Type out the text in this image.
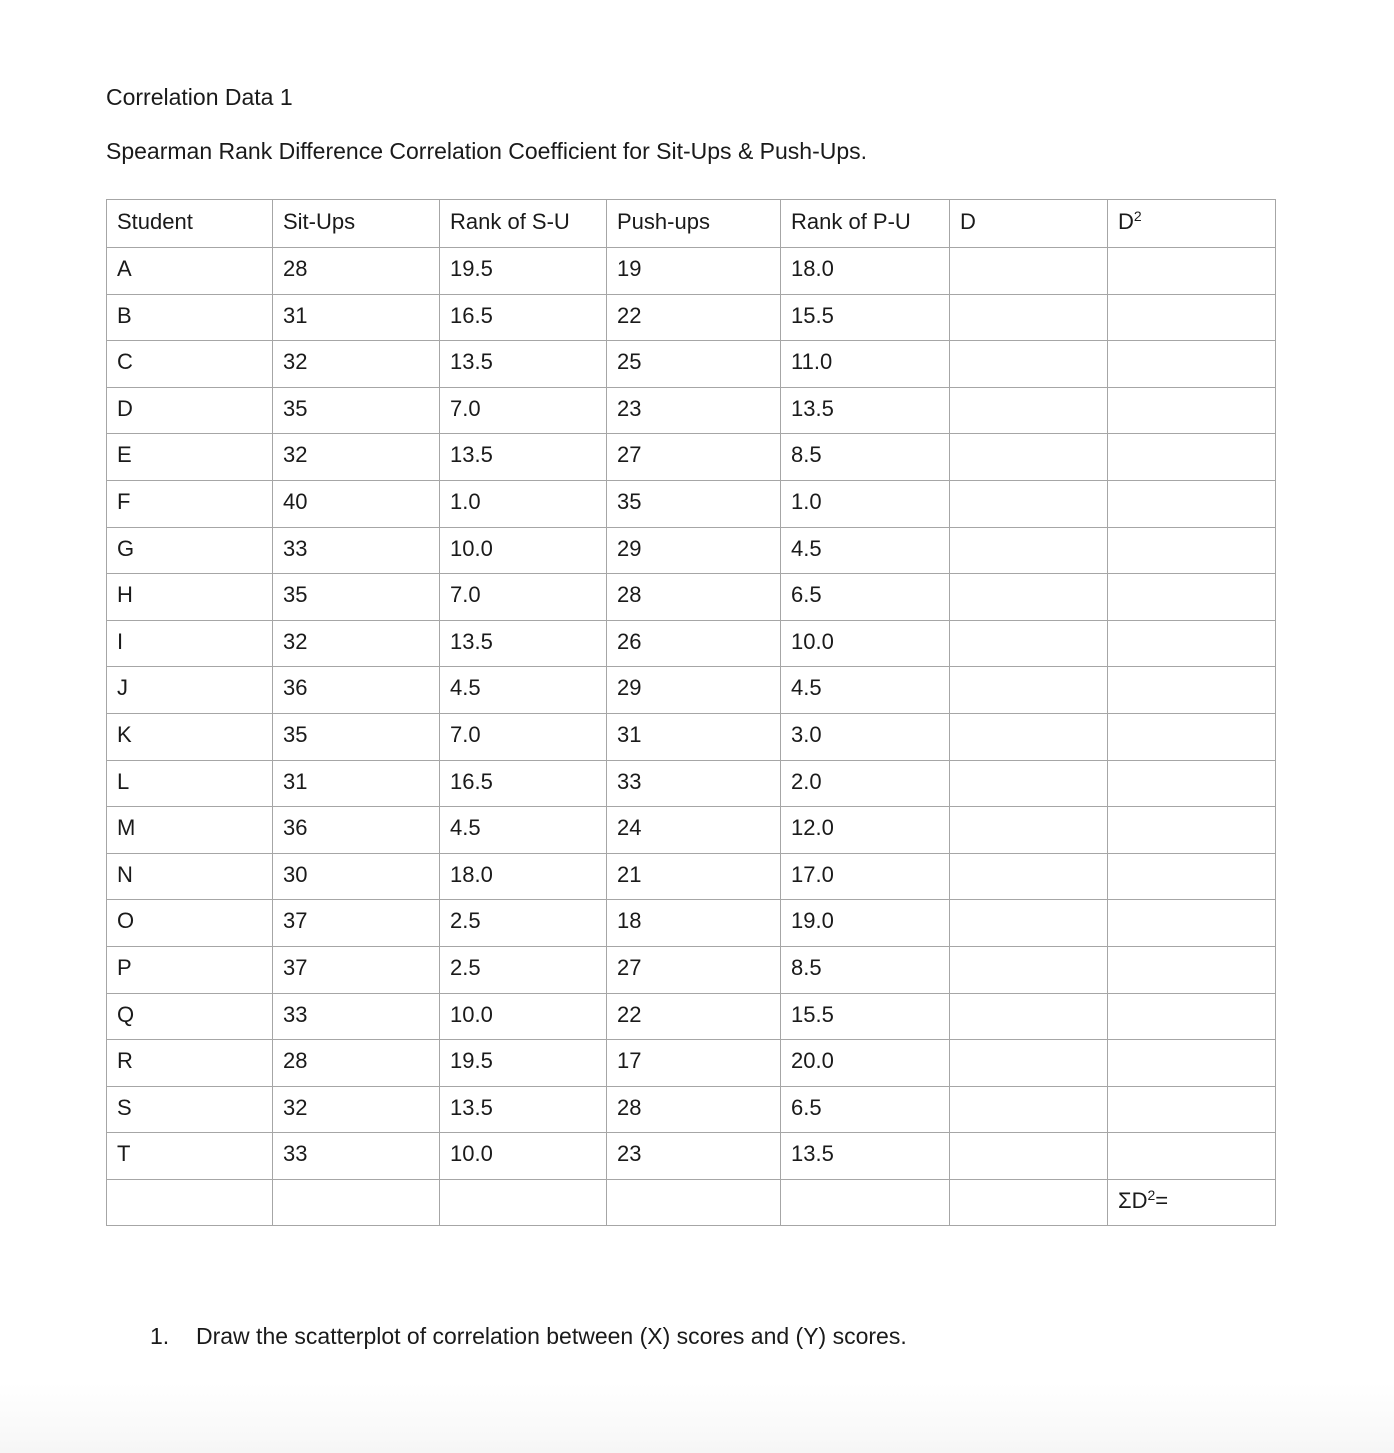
Correlation Data 1
Spearman Rank Difference Correlation Coefficient for Sit-Ups & Push-Ups.
Student	Sit-Ups	Rank of S-U	Push-ups	Rank of P-U	D	$D^2$
A	28	19.5	19	18.0		
B	31	16.5	22	15.5		
C	32	13.5	25	11.0		
D	35	7.0	23	13.5		
E	32	13.5	27	8.5		
F	40	1.0	35	1.0		
G	33	10.0	29	4.5		
H	35	7.0	28	6.5		
I	32	13.5	26	10.0		
J	36	4.5	29	4.5		
K	35	7.0	31	3.0		
L	31	16.5	33	2.0		
M	36	4.5	24	12.0		
N	30	18.0	21	17.0		
O	37	2.5	18	19.0		
P	37	2.5	27	8.5		
Q	33	10.0	22	15.5		
R	28	19.5	17	20.0		
S	32	13.5	28	6.5		
T	33	10.0	23	13.5		
						$\Sigma D^2=$
1. Draw the scatterplot of correlation between (X) scores and (Y) scores.
